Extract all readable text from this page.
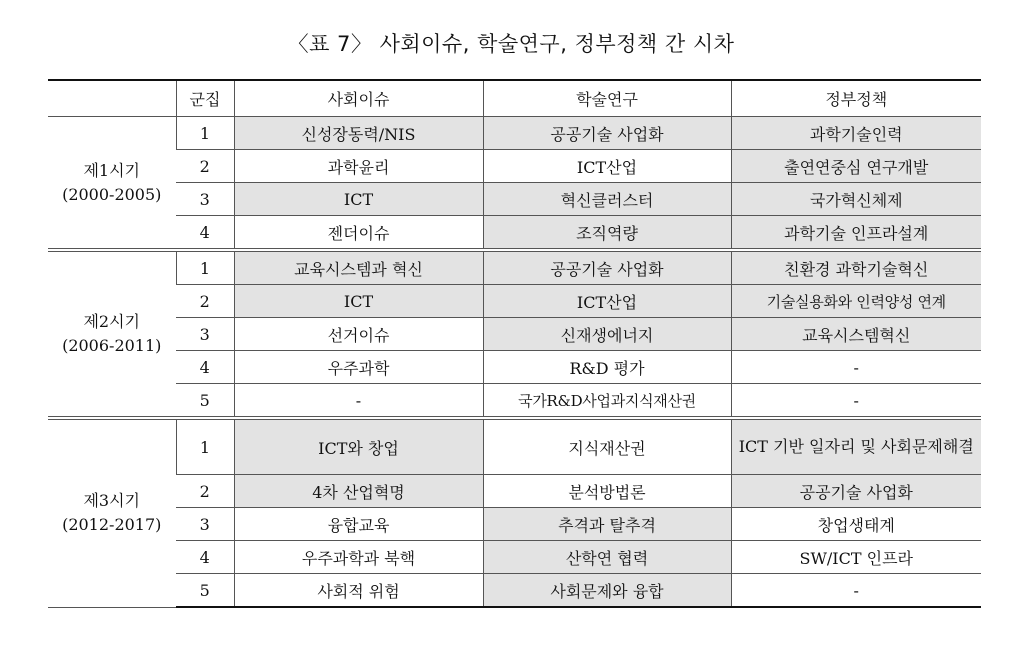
〈표 7〉 사회이슈, 학술연구, 정부정책 간 시차
	군집	사회이슈	학술연구	정부정책

제1시기
(2000-2005)	1	신성장동력/NIS	공공기술 사업화	과학기술인력
	2	과학윤리	ICT산업	출연연중심 연구개발
	3	ICT	혁신클러스터	국가혁신체제
	4	젠더이슈	조직역량	과학기술 인프라설계

제2시기
(2006-2011)	1	교육시스템과 혁신	공공기술 사업화	친환경 과학기술혁신
	2	ICT	ICT산업	기술실용화와 인력양성 연계
	3	선거이슈	신재생에너지	교육시스템혁신
	4	우주과학	R&D 평가	-
	5	-	국가R&D사업과지식재산권	-

제3시기
(2012-2017)	1	ICT와 창업	지식재산권	ICT 기반 일자리 및 사회문제해결
	2	4차 산업혁명	분석방법론	공공기술 사업화
	3	융합교육	추격과 탈추격	창업생태계
	4	우주과학과 북핵	산학연 협력	SW/ICT 인프라
	5	사회적 위험	사회문제와 융합	-
